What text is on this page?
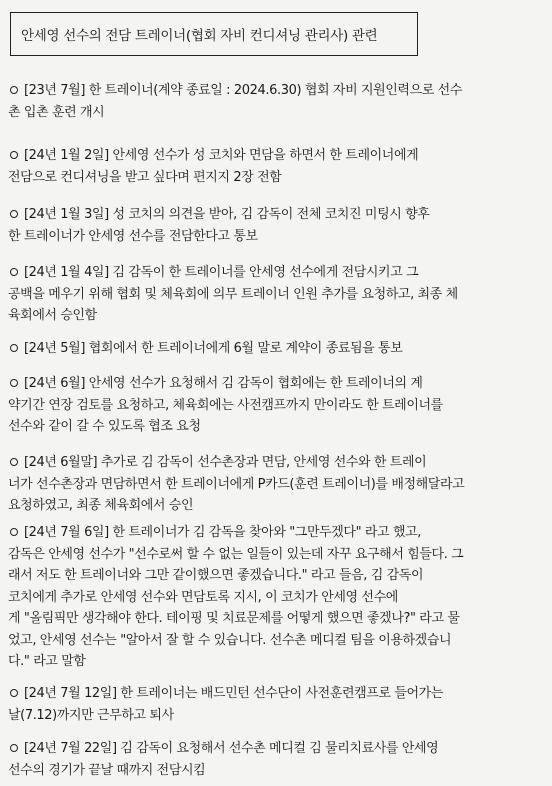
안세영 선수의 전담 트레이너(협회 자비 컨디셔닝 관리사) 관련
[23년 7월] 한 트레이너(계약 종료일 : 2024.6.30) 협회 자비 지원인력으로 선수
촌 입촌 훈련 개시
[24년 1월 2일] 안세영 선수가 성 코치와 면담을 하면서 한 트레이너에게
전담으로 컨디셔닝을 받고 싶다며 편지지 2장 전함
[24년 1월 3일] 성 코치의 의견을 받아, 김 감독이 전체 코치진 미팅시 향후
한 트레이너가 안세영 선수를 전담한다고 통보
[24년 1월 4일] 김 감독이 한 트레이너를 안세영 선수에게 전담시키고 그
공백을 메우기 위해 협회 및 체육회에 의무 트레이너 인원 추가를 요청하고, 최종 체
육회에서 승인함
[24년 5월] 협회에서 한 트레이너에게 6월 말로 계약이 종료됨을 통보
[24년 6월] 안세영 선수가 요청해서 김 감독이 협회에는 한 트레이너의 계
약기간 연장 검토를 요청하고, 체육회에는 사전캠프까지 만이라도 한 트레이너를
선수와 같이 갈 수 있도록 협조 요청
[24년 6월말] 추가로 김 감독이 선수촌장과 면담, 안세영 선수와 한 트레이
너가 선수촌장과 면담하면서 한 트레이너에게 P카드(훈련 트레이너)를 배정해달라고
요청하였고, 최종 체육회에서 승인
[24년 7월 6일] 한 트레이너가 김 감독을 찾아와 "그만두겠다" 라고 했고,
감독은 안세영 선수가 "선수로써 할 수 없는 일들이 있는데 자꾸 요구해서 힘들다. 그
래서 저도 한 트레이너와 그만 같이했으면 좋겠습니다." 라고 들음, 김 감독이
코치에게 추가로 안세영 선수와 면담토록 지시, 이 코치가 안세영 선수에
게 "올림픽만 생각해야 한다. 테이핑 및 치료문제를 어떻게 했으면 좋겠나?" 라고 물
었고, 안세영 선수는 "알아서 잘 할 수 있습니다. 선수촌 메디컬 팀을 이용하겠습니
다." 라고 말함
[24년 7월 12일] 한 트레이너는 배드민턴 선수단이 사전훈련캠프로 들어가는
날(7.12)까지만 근무하고 퇴사
[24년 7월 22일] 김 감독이 요청해서 선수촌 메디컬 김 물리치료사를 안세영
선수의 경기가 끝날 때까지 전담시킴
